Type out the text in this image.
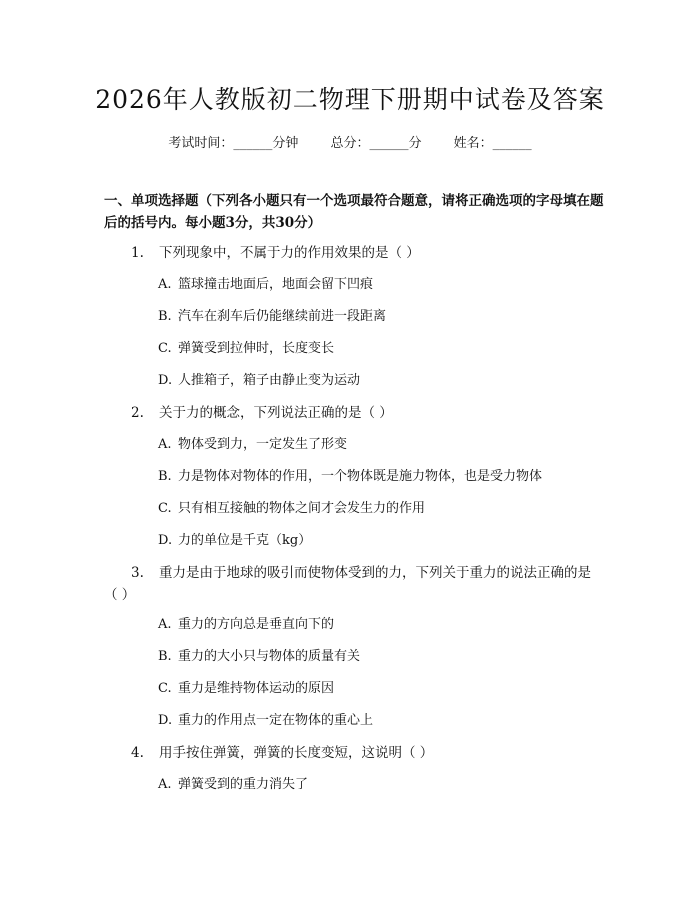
2026年人教版初二物理下册期中试卷及答案
考试时间：______分钟 总分：______分 姓名：______
一、单项选择题（下列各小题只有一个选项最符合题意，请将正确选项的字母填在题后的括号内。每小题3分，共30分）
1. 下列现象中，不属于力的作用效果的是（ ）
A. 篮球撞击地面后，地面会留下凹痕
B. 汽车在刹车后仍能继续前进一段距离
C. 弹簧受到拉伸时，长度变长
D. 人推箱子，箱子由静止变为运动
2. 关于力的概念，下列说法正确的是（ ）
A. 物体受到力，一定发生了形变
B. 力是物体对物体的作用，一个物体既是施力物体，也是受力物体
C. 只有相互接触的物体之间才会发生力的作用
D. 力的单位是千克（kg）
3. 重力是由于地球的吸引而使物体受到的力，下列关于重力的说法正确的是（ ）
A. 重力的方向总是垂直向下的
B. 重力的大小只与物体的质量有关
C. 重力是维持物体运动的原因
D. 重力的作用点一定在物体的重心上
4. 用手按住弹簧，弹簧的长度变短，这说明（ ）
A. 弹簧受到的重力消失了
